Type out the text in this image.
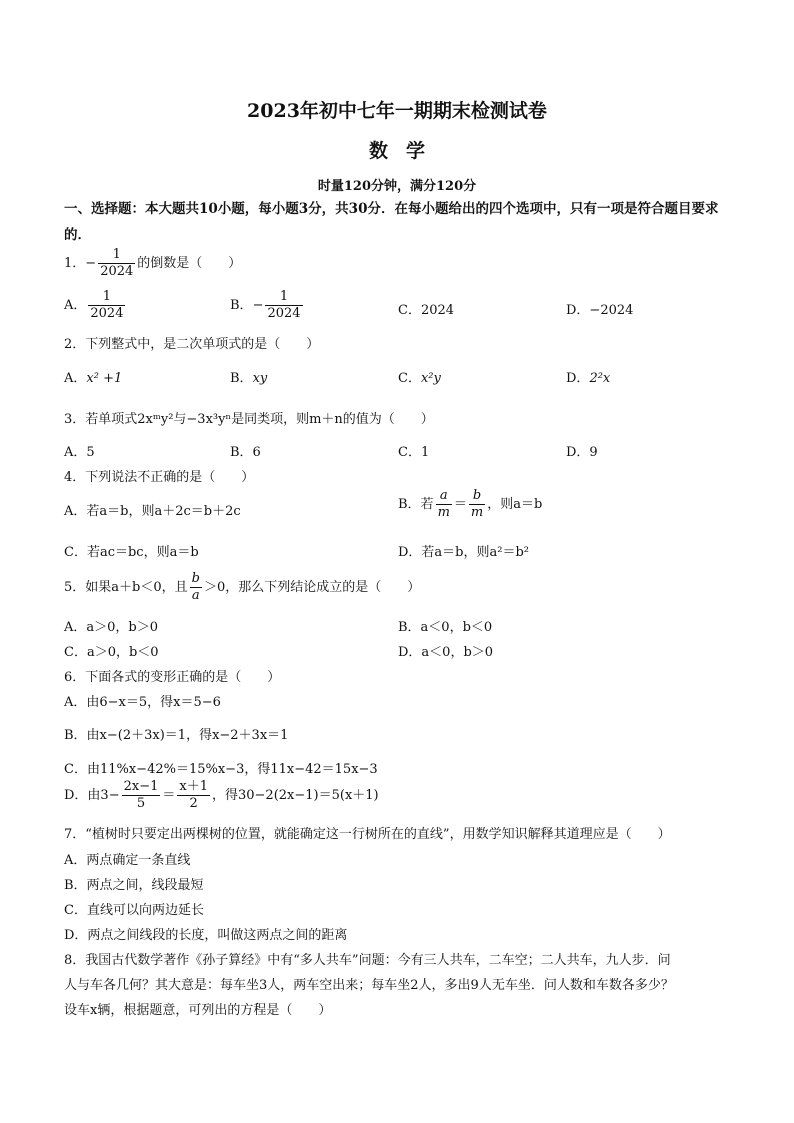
2023年初中七年一期期末检测试卷
数学
时量120分钟，满分120分
一、选择题：本大题共10小题，每小题3分，共30分．在每小题给出的四个选项中，只有一项是符合题目要求的．
1．− $\frac{1}{2024}$ 的倒数是（　　）
A． $\frac{1}{2024}$	B．− $\frac{1}{2024}$	C．2024	D．−2024
2．下列整式中，是二次单项式的是（　　）
A．x² +1	B．xy	C．x²y	D．2²x
3．若单项式2xᵐy²与−3x³yⁿ是同类项，则m＋n的值为（　　）
A．5	B．6	C．1	D．9
4．下列说法不正确的是（　　）
A．若a＝b，则a＋2c＝b＋2c	B．若 $\frac{a}{m} = \frac{b}{m}$ ，则a＝b
C．若ac＝bc，则a＝b	D．若a＝b，则a²＝b²
5．如果a＋b＜0，且 $\frac{b}{a} >0$，那么下列结论成立的是（　　）
A．a＞0，b＞0	B．a＜0，b＜0
C．a＞0，b＜0	D．a＜0，b＞0
6．下面各式的变形正确的是（　　）
A．由6−x＝5，得x＝5−6
B．由x−(2＋3x)＝1，得x−2＋3x＝1
C．由11%x−42%＝15%x−3，得11x−42＝15x−3
D．由$3- \frac{2x-1}{5} = \frac{x+1}{2}$ ，得30−2(2x−1)＝5(x＋1)
7．“植树时只要定出两棵树的位置，就能确定这一行树所在的直线”，用数学知识解释其道理应是（　　）
A．两点确定一条直线
B．两点之间，线段最短
C．直线可以向两边延长
D．两点之间线段的长度，叫做这两点之间的距离
8．我国古代数学著作《孙子算经》中有“多人共车”问题：今有三人共车，二车空；二人共车，九人步．问
人与车各几何？其大意是：每车坐3人，两车空出来；每车坐2人，多出9人无车坐．问人数和车数各多少？
设车x辆，根据题意，可列出的方程是（　　）
